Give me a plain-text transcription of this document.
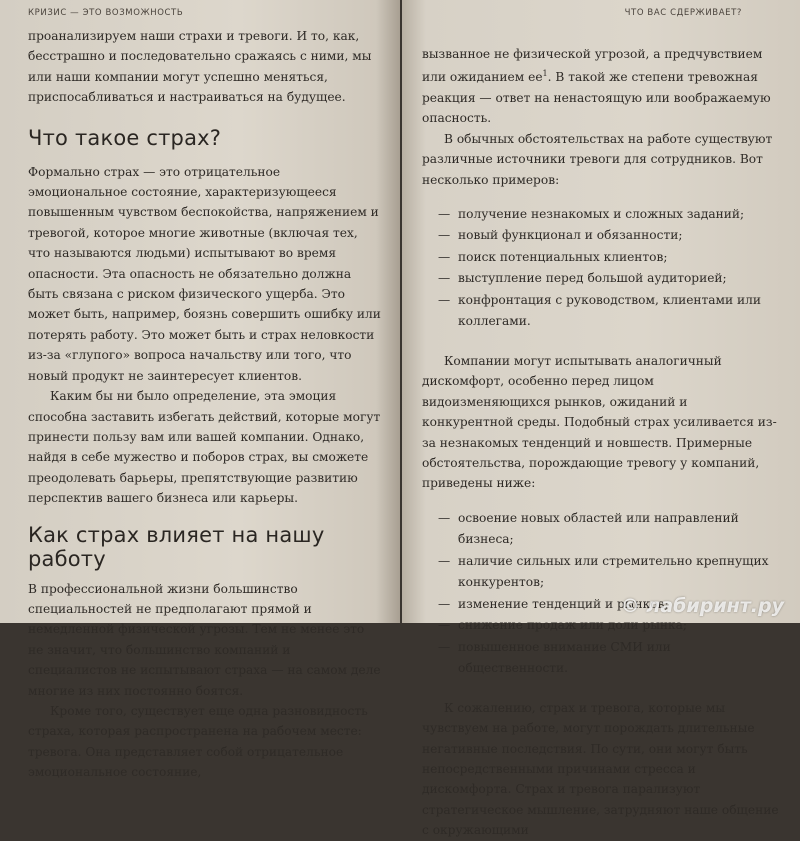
КРИЗИС — ЭТО ВОЗМОЖНОСТЬ

проанализируем наши страхи и тревоги. И то, как, бесстрашно и последовательно сражаясь с ними, мы или наши компании могут успешно меняться, приспосабливаться и настраиваться на будущее.

Что такое страх?

Формально страх — это отрицательное эмоциональное состояние, характеризующееся повышенным чувством беспокойства, напряжением и тревогой, которое многие животные (включая тех, что называются людьми) испытывают во время опасности. Эта опасность не обязательно должна быть связана с риском физического ущерба. Это может быть, например, боязнь совершить ошибку или потерять работу. Это может быть и страх неловкости из-за «глупого» вопроса начальству или того, что новый продукт не заинтересует клиентов.

Каким бы ни было определение, эта эмоция способна заставить избегать действий, которые могут принести пользу вам или вашей компании. Однако, найдя в себе мужество и поборов страх, вы сможете преодолевать барьеры, препятствующие развитию перспектив вашего бизнеса или карьеры.

Как страх влияет на нашу работу

В профессиональной жизни большинство специальностей не предполагают прямой и немедленной физической угрозы. Тем не менее это не значит, что большинство компаний и специалистов не испытывают страха — на самом деле многие из них постоянно боятся.

Кроме того, существует еще одна разновидность страха, которая распространена на рабочем месте: тревога. Она представляет собой отрицательное эмоциональное состояние,

ЧТО ВАС СДЕРЖИВАЕТ?

вызванное не физической угрозой, а предчувствием или ожиданием $ее^1$. В такой же степени тревожная реакция — ответ на ненастоящую или воображаемую опасность.

В обычных обстоятельствах на работе существуют различные источники тревоги для сотрудников. Вот несколько примеров:

— получение незнакомых и сложных заданий;
— новый функционал и обязанности;
— поиск потенциальных клиентов;
— выступление перед большой аудиторией;
— конфронтация с руководством, клиентами или коллегами.

Компании могут испытывать аналогичный дискомфорт, особенно перед лицом видоизменяющихся рынков, ожиданий и конкурентной среды. Подобный страх усиливается из-за незнакомых тенденций и новшеств. Примерные обстоятельства, порождающие тревогу у компаний, приведены ниже:

— освоение новых областей или направлений бизнеса;
— наличие сильных или стремительно крепнущих конкурентов;
— изменение тенденций и рынков;
— снижение продаж или доли рынка;
— повышенное внимание СМИ или общественности.

К сожалению, страх и тревога, которые мы чувствуем на работе, могут порождать длительные негативные последствия. По сути, они могут быть непосредственными причинами стресса и дискомфорта. Страх и тревога парализуют стратегическое мышление, затрудняют наше общение с окружающими

© лабиринт.ру
